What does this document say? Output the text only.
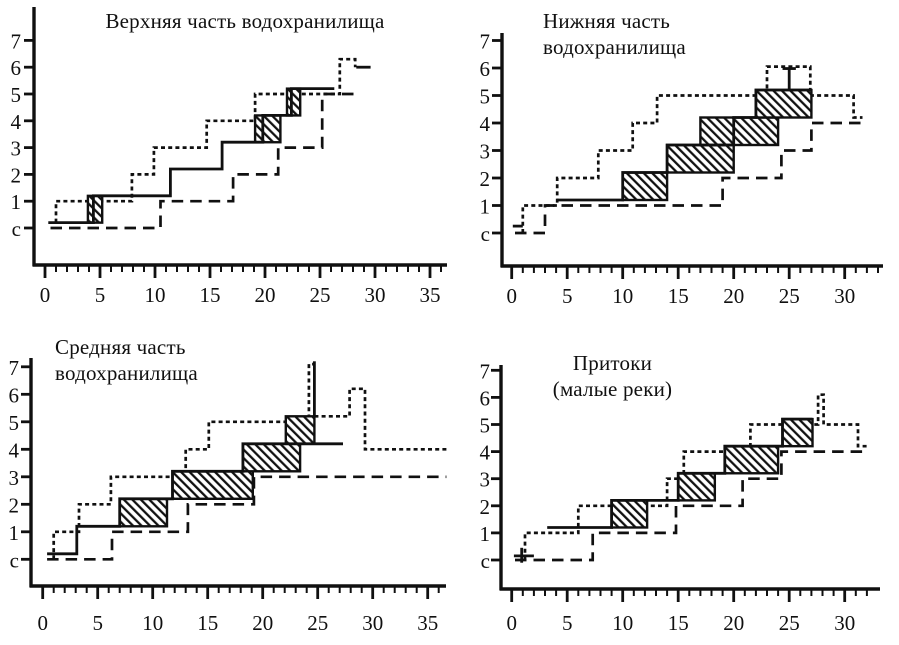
Верхняя часть водохранилища	Нижняя часть
водохранилища
Средняя часть
водохранилища	Притоки
(малые реки)
с
1
2
3
4
5
6
7
0 5 10 15 20 25 30 35
с
1
2
3
4
5
6
7
0 5 10 15 20 25 30
с
1
2
3
4
5
6
7
0 5 10 15 20 25 30 35
с
1
2
3
4
5
6
7
0 5 10 15 20 25 30
